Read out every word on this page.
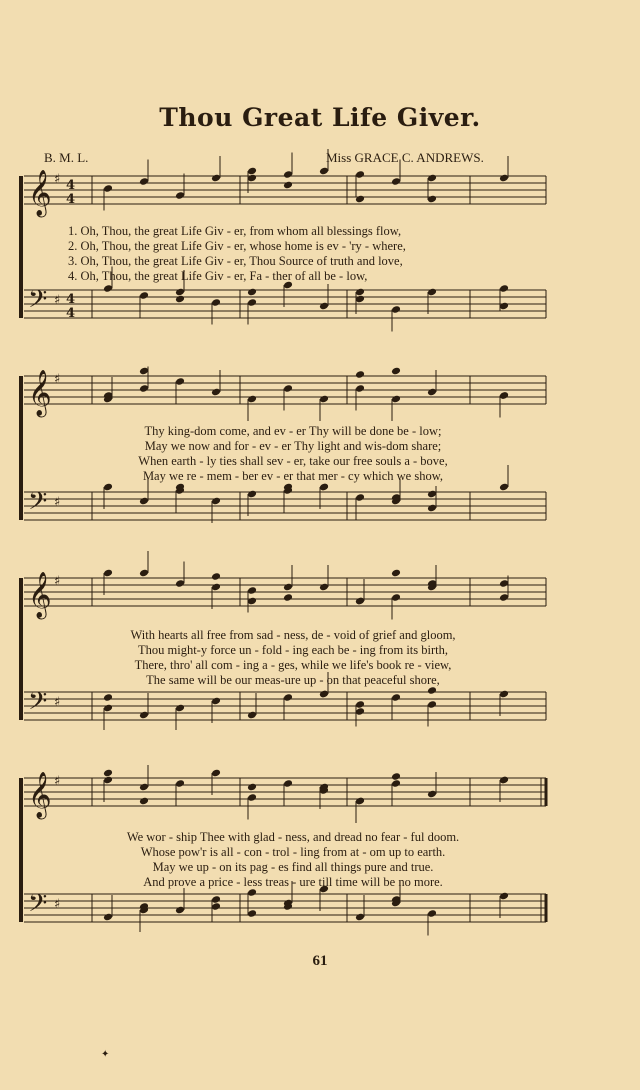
Thou Great Life Giver.
B. M. L.	Miss GRACE C. ANDREWS.
𝄞 ♯ 4
4
𝄢 ♯ 4
4
𝄞 ♯
𝄢 ♯
𝄞 ♯
𝄢 ♯
𝄞 ♯
𝄢 ♯
1. Oh, Thou, the great Life Giv - er, from whom all blessings flow,
2. Oh, Thou, the great Life Giv - er, whose home is ev - 'ry - where,
3. Oh, Thou, the great Life Giv - er, Thou Source of truth and love,
4. Oh, Thou, the great Life Giv - er, Fa - ther of all be - low,
Thy king-dom come, and ev - er Thy will be done be - low;
May we now and for - ev - er Thy light and wis-dom share;
When earth - ly ties shall sev - er, take our free souls a - bove,
May we re - mem - ber ev - er that mer - cy which we show,
With hearts all free from sad - ness, de - void of grief and gloom,
Thou might-y force un - fold - ing each be - ing from its birth,
There, thro' all com - ing a - ges, while we life's book re - view,
The same will be our meas-ure up - on that peaceful shore,
We wor - ship Thee with glad - ness, and dread no fear - ful doom.
Whose pow'r is all - con - trol - ling from at - om up to earth.
May we up - on its pag - es find all things pure and true.
And prove a price - less treas - ure till time will be no more.
61
✦
